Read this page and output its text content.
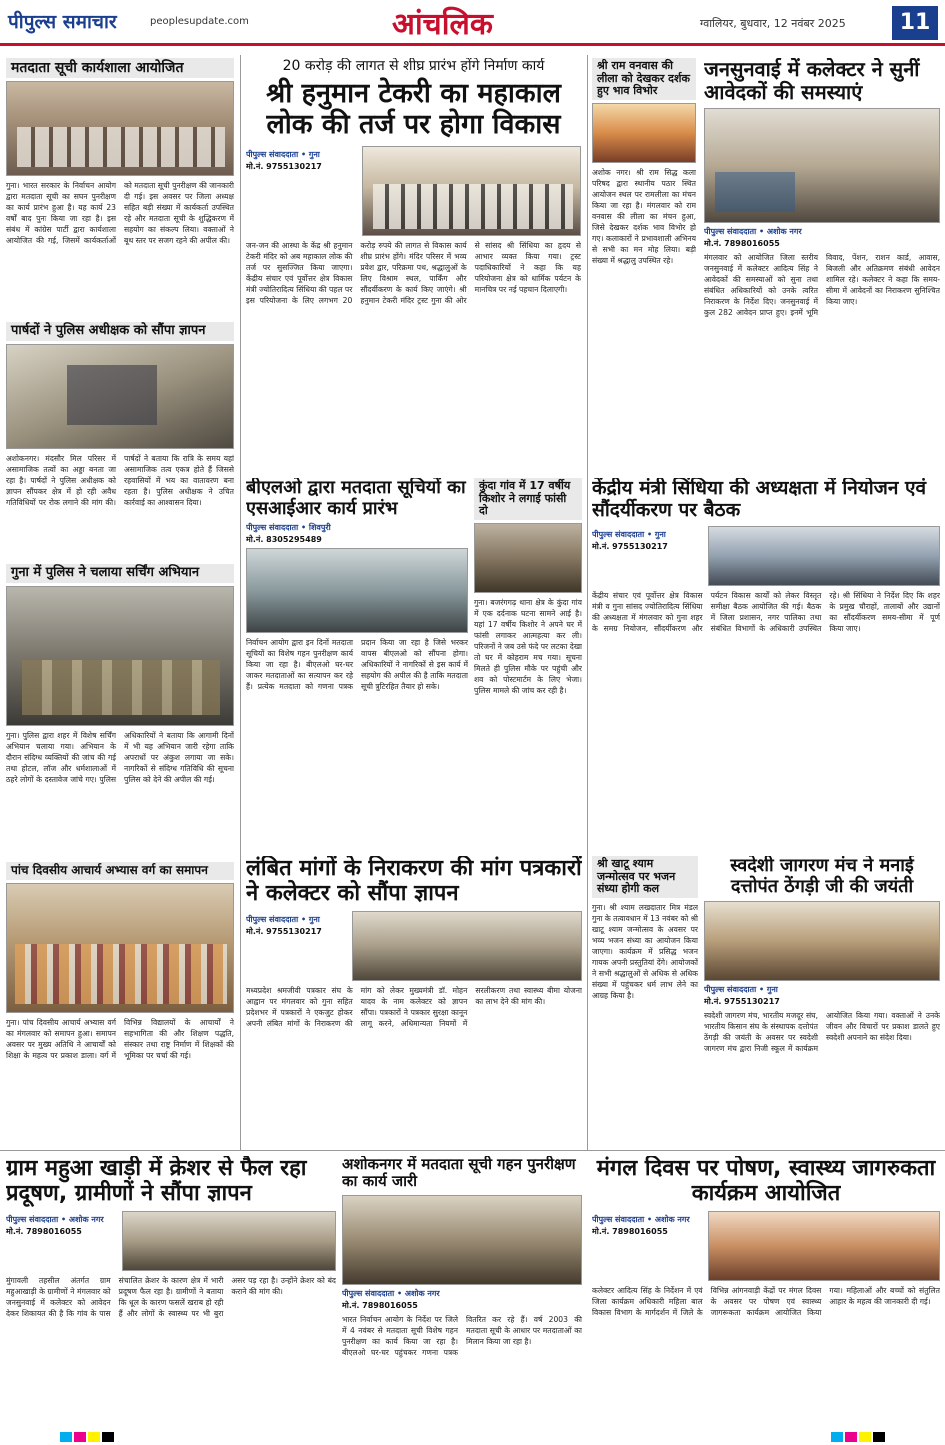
पीपुल्स समाचार	peoplesupdate.com	आंचलिक	ग्वालियर, बुधवार, 12 नवंबर 2025	11
मतदाता सूची कार्यशाला आयोजित
गुना। भारत सरकार के निर्वाचन आयोग द्वारा मतदाता सूची का सघन पुनरीक्षण का कार्य प्रारंभ हुआ है। यह कार्य 23 वर्षों बाद पुनः किया जा रहा है। इस संबंध में कांग्रेस पार्टी द्वारा कार्यशाला आयोजित की गई, जिसमें कार्यकर्ताओं को मतदाता सूची पुनरीक्षण की जानकारी दी गई। इस अवसर पर जिला अध्यक्ष सहित बड़ी संख्या में कार्यकर्ता उपस्थित रहे और मतदाता सूची के शुद्धिकरण में सहयोग का संकल्प लिया। वक्ताओं ने बूथ स्तर पर सजग रहने की अपील की।
पार्षदों ने पुलिस अधीक्षक को सौंपा ज्ञापन
अशोकनगर। मंदसौर मिल परिसर में असामाजिक तत्वों का अड्डा बनता जा रहा है। पार्षदों ने पुलिस अधीक्षक को ज्ञापन सौंपकर क्षेत्र में हो रही अवैध गतिविधियों पर रोक लगाने की मांग की। पार्षदों ने बताया कि रात्रि के समय यहां असामाजिक तत्व एकत्र होते हैं जिससे रहवासियों में भय का वातावरण बना रहता है। पुलिस अधीक्षक ने उचित कार्रवाई का आश्वासन दिया।
गुना में पुलिस ने चलाया सर्चिंग अभियान
गुना। पुलिस द्वारा शहर में विशेष सर्चिंग अभियान चलाया गया। अभियान के दौरान संदिग्ध व्यक्तियों की जांच की गई तथा होटल, लॉज और धर्मशालाओं में ठहरे लोगों के दस्तावेज जांचे गए। पुलिस अधिकारियों ने बताया कि आगामी दिनों में भी यह अभियान जारी रहेगा ताकि अपराधों पर अंकुश लगाया जा सके। नागरिकों से संदिग्ध गतिविधि की सूचना पुलिस को देने की अपील की गई।
पांच दिवसीय आचार्य अभ्यास वर्ग का समापन
गुना। पांच दिवसीय आचार्य अभ्यास वर्ग का मंगलवार को समापन हुआ। समापन अवसर पर मुख्य अतिथि ने आचार्यों को शिक्षा के महत्व पर प्रकाश डाला। वर्ग में विभिन्न विद्यालयों के आचार्यों ने सहभागिता की और शिक्षण पद्धति, संस्कार तथा राष्ट्र निर्माण में शिक्षकों की भूमिका पर चर्चा की गई।
20 करोड़ की लागत से शीघ्र प्रारंभ होंगे निर्माण कार्य
श्री हनुमान टेकरी का महाकाल लोक की तर्ज पर होगा विकास
पीपुल्स संवाददाता • गुना
मो.नं. 9755130217
जन-जन की आस्था के केंद्र श्री हनुमान टेकरी मंदिर को अब महाकाल लोक की तर्ज पर सुसज्जित किया जाएगा। केंद्रीय संचार एवं पूर्वोत्तर क्षेत्र विकास मंत्री ज्योतिरादित्य सिंधिया की पहल पर इस परियोजना के लिए लगभग 20 करोड़ रुपये की लागत से विकास कार्य शीघ्र प्रारंभ होंगे। मंदिर परिसर में भव्य प्रवेश द्वार, परिक्रमा पथ, श्रद्धालुओं के लिए विश्राम स्थल, पार्किंग और सौंदर्यीकरण के कार्य किए जाएंगे। श्री हनुमान टेकरी मंदिर ट्रस्ट गुना की ओर से सांसद श्री सिंधिया का हृदय से आभार व्यक्त किया गया। ट्रस्ट पदाधिकारियों ने कहा कि यह परियोजना क्षेत्र को धार्मिक पर्यटन के मानचित्र पर नई पहचान दिलाएगी।
श्री राम वनवास की लीला को देखकर दर्शक हुए भाव विभोर
अशोक नगर। श्री राम सिद्ध कला परिषद द्वारा स्थानीय पठार स्थित आयोजन स्थल पर रामलीला का मंचन किया जा रहा है। मंगलवार को राम वनवास की लीला का मंचन हुआ, जिसे देखकर दर्शक भाव विभोर हो गए। कलाकारों ने प्रभावशाली अभिनय से सभी का मन मोह लिया। बड़ी संख्या में श्रद्धालु उपस्थित रहे।
जनसुनवाई में कलेक्टर ने सुनीं आवेदकों की समस्याएं
पीपुल्स संवाददाता • अशोक नगर
मो.नं. 7898016055
मंगलवार को आयोजित जिला स्तरीय जनसुनवाई में कलेक्टर आदित्य सिंह ने आवेदकों की समस्याओं को सुना तथा संबंधित अधिकारियों को उनके त्वरित निराकरण के निर्देश दिए। जनसुनवाई में कुल 282 आवेदन प्राप्त हुए। इनमें भूमि विवाद, पेंशन, राशन कार्ड, आवास, बिजली और अतिक्रमण संबंधी आवेदन शामिल रहे। कलेक्टर ने कहा कि समय-सीमा में आवेदनों का निराकरण सुनिश्चित किया जाए।
बीएलओ द्वारा मतदाता सूचियों का एसआईआर कार्य प्रारंभ
पीपुल्स संवाददाता • शिवपुरी
मो.नं. 8305295489
निर्वाचन आयोग द्वारा इन दिनों मतदाता सूचियों का विशेष गहन पुनरीक्षण कार्य किया जा रहा है। बीएलओ घर-घर जाकर मतदाताओं का सत्यापन कर रहे हैं। प्रत्येक मतदाता को गणना पत्रक प्रदान किया जा रहा है जिसे भरकर वापस बीएलओ को सौंपना होगा। अधिकारियों ने नागरिकों से इस कार्य में सहयोग की अपील की है ताकि मतदाता सूची त्रुटिरहित तैयार हो सके।
कुंदा गांव में 17 वर्षीय किशोर ने लगाई फांसी दो
गुना। बजरंगगढ़ थाना क्षेत्र के कुंदा गांव में एक दर्दनाक घटना सामने आई है। यहां 17 वर्षीय किशोर ने अपने घर में फांसी लगाकर आत्महत्या कर ली। परिजनों ने जब उसे फंदे पर लटका देखा तो घर में कोहराम मच गया। सूचना मिलते ही पुलिस मौके पर पहुंची और शव को पोस्टमार्टम के लिए भेजा। पुलिस मामले की जांच कर रही है।
केंद्रीय मंत्री सिंधिया की अध्यक्षता में नियोजन एवं सौंदर्यीकरण पर बैठक
पीपुल्स संवाददाता • गुना
मो.नं. 9755130217
केंद्रीय संचार एवं पूर्वोत्तर क्षेत्र विकास मंत्री व गुना सांसद ज्योतिरादित्य सिंधिया की अध्यक्षता में मंगलवार को गुना शहर के समग्र नियोजन, सौंदर्यीकरण और पर्यटन विकास कार्यों को लेकर विस्तृत समीक्षा बैठक आयोजित की गई। बैठक में जिला प्रशासन, नगर पालिका तथा संबंधित विभागों के अधिकारी उपस्थित रहे। श्री सिंधिया ने निर्देश दिए कि शहर के प्रमुख चौराहों, तालाबों और उद्यानों का सौंदर्यीकरण समय-सीमा में पूर्ण किया जाए।
लंबित मांगों के निराकरण की मांग पत्रकारों ने कलेक्टर को सौंपा ज्ञापन
पीपुल्स संवाददाता • गुना
मो.नं. 9755130217
मध्यप्रदेश श्रमजीवी पत्रकार संघ के आह्वान पर मंगलवार को गुना सहित प्रदेशभर में पत्रकारों ने एकजुट होकर अपनी लंबित मांगों के निराकरण की मांग को लेकर मुख्यमंत्री डॉ. मोहन यादव के नाम कलेक्टर को ज्ञापन सौंपा। पत्रकारों ने पत्रकार सुरक्षा कानून लागू करने, अधिमान्यता नियमों में सरलीकरण तथा स्वास्थ्य बीमा योजना का लाभ देने की मांग की।
श्री खाटू श्याम जन्मोत्सव पर भजन संध्या होगी कल
गुना। श्री श्याम लखदातार मित्र मंडल गुना के तत्वावधान में 13 नवंबर को श्री खाटू श्याम जन्मोत्सव के अवसर पर भव्य भजन संध्या का आयोजन किया जाएगा। कार्यक्रम में प्रसिद्ध भजन गायक अपनी प्रस्तुतियां देंगे। आयोजकों ने सभी श्रद्धालुओं से अधिक से अधिक संख्या में पहुंचकर धर्म लाभ लेने का आग्रह किया है।
स्वदेशी जागरण मंच ने मनाई दत्तोपंत ठेंगड़ी जी की जयंती
पीपुल्स संवाददाता • गुना
मो.नं. 9755130217
स्वदेशी जागरण मंच, भारतीय मजदूर संघ, भारतीय किसान संघ के संस्थापक दत्तोपंत ठेंगड़ी की जयंती के अवसर पर स्वदेशी जागरण मंच द्वारा निजी स्कूल में कार्यक्रम आयोजित किया गया। वक्ताओं ने उनके जीवन और विचारों पर प्रकाश डालते हुए स्वदेशी अपनाने का संदेश दिया।
ग्राम महुआ खाड़ी में क्रेशर से फैल रहा प्रदूषण, ग्रामीणों ने सौंपा ज्ञापन
पीपुल्स संवाददाता • अशोक नगर
मो.नं. 7898016055
मुंगावली तहसील अंतर्गत ग्राम महुआखाड़ी के ग्रामीणों ने मंगलवार को जनसुनवाई में कलेक्टर को आवेदन देकर शिकायत की है कि गांव के पास संचालित क्रेशर के कारण क्षेत्र में भारी प्रदूषण फैल रहा है। ग्रामीणों ने बताया कि धूल के कारण फसलें खराब हो रही हैं और लोगों के स्वास्थ्य पर भी बुरा असर पड़ रहा है। उन्होंने क्रेशर को बंद कराने की मांग की।
अशोकनगर में मतदाता सूची गहन पुनरीक्षण का कार्य जारी
पीपुल्स संवाददाता • अशोक नगर
मो.नं. 7898016055
भारत निर्वाचन आयोग के निर्देश पर जिले में 4 नवंबर से मतदाता सूची विशेष गहन पुनरीक्षण का कार्य किया जा रहा है। बीएलओ घर-घर पहुंचकर गणना पत्रक वितरित कर रहे हैं। वर्ष 2003 की मतदाता सूची के आधार पर मतदाताओं का मिलान किया जा रहा है।
मंगल दिवस पर पोषण, स्वास्थ्य जागरुकता कार्यक्रम आयोजित
पीपुल्स संवाददाता • अशोक नगर
मो.नं. 7898016055
कलेक्टर आदित्य सिंह के निर्देशन में एवं जिला कार्यक्रम अधिकारी महिला बाल विकास विभाग के मार्गदर्शन में जिले के विभिन्न आंगनवाड़ी केंद्रों पर मंगल दिवस के अवसर पर पोषण एवं स्वास्थ्य जागरूकता कार्यक्रम आयोजित किया गया। महिलाओं और बच्चों को संतुलित आहार के महत्व की जानकारी दी गई।
